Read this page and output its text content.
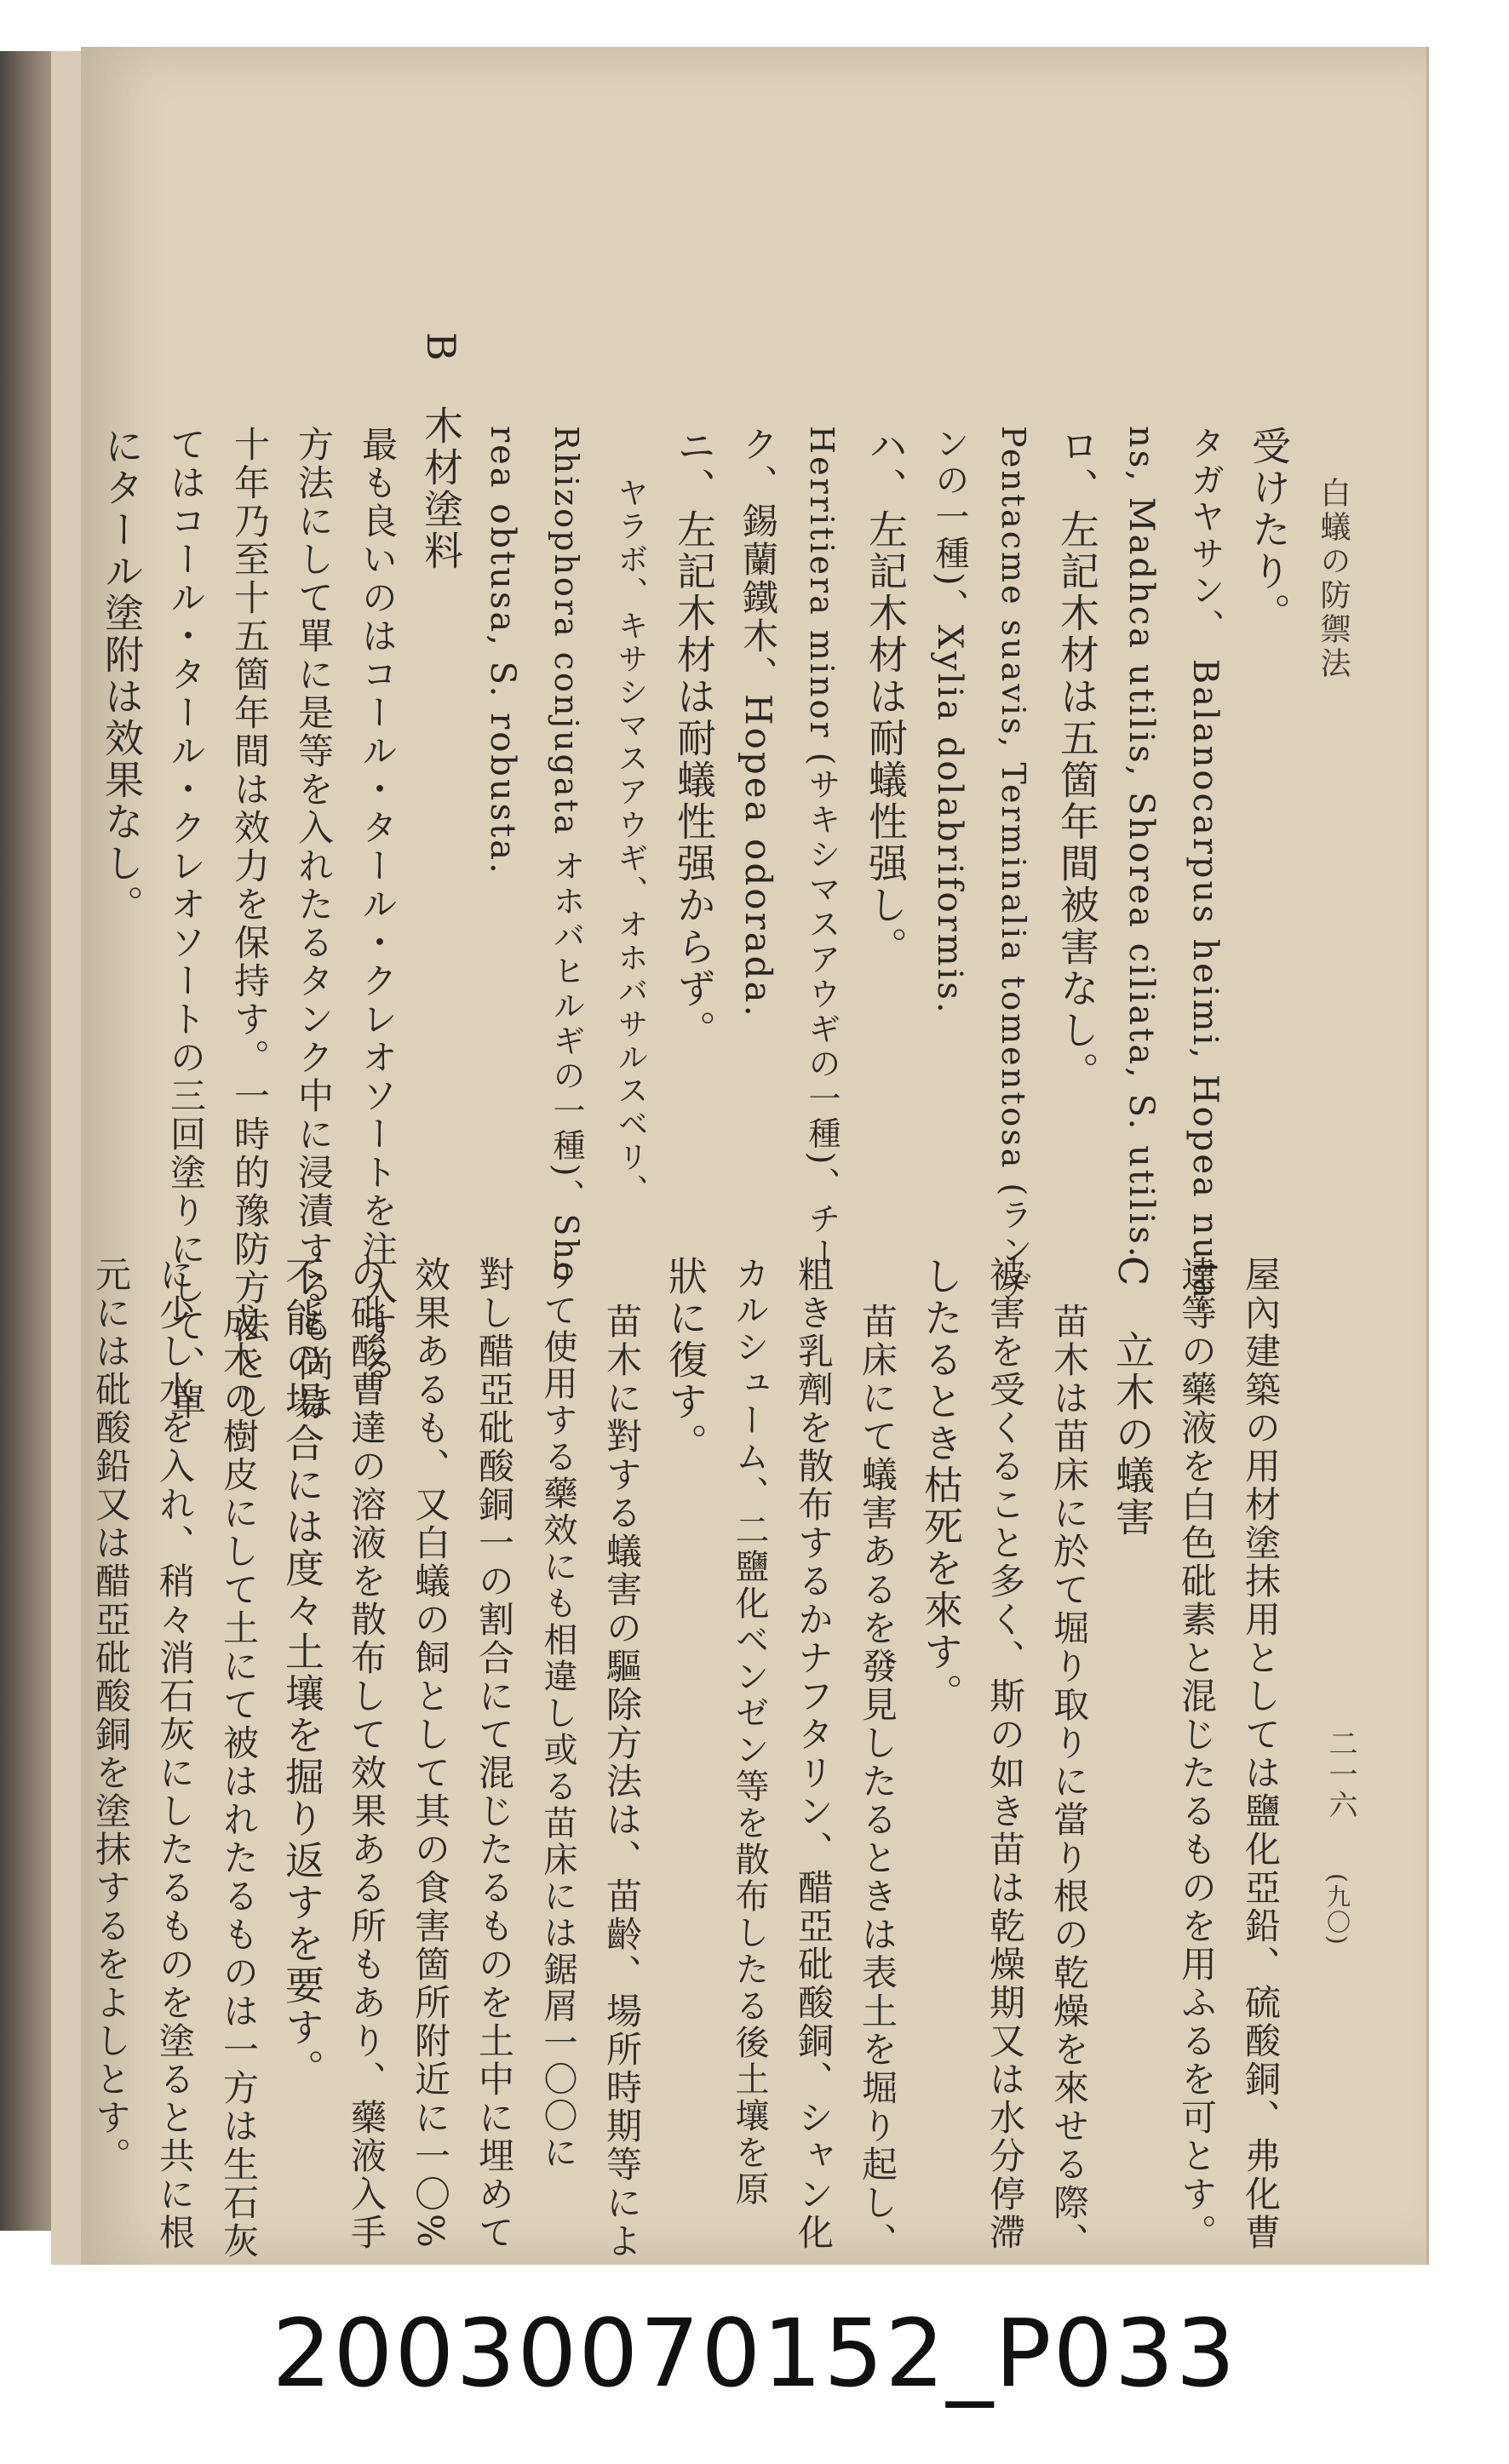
白蟻の防禦法
二一六
(九〇)
受けたり。
タガヤサン、 Balanocarpus heimi, Hopea nuta-
ns, Madhca utilis, Shorea ciliata, S. utilis.
ロ、左記木材は五箇年間被害なし。
Pentacme suavis, Terminalia tomentosa (ランヂ
ンの一種)、Xylia dolabriformis.
ハ、左記木材は耐蟻性强し。
Herritiera minor (サキシマスアウギの一種)、チー
ク、錫蘭鐵木、Hopea odorada.
ニ、左記木材は耐蟻性强からず。
ヤラボ、キサシマスアウギ、オホバサルスベリ、
Rhizophora conjugata オホバヒルギの一種)、Sho
rea obtusa, S. robusta.
B　木材塗料
最も良いのはコール・タール・クレオソートを注入する
方法にして單に是等を入れたるタンク中に浸漬するも尚ほ
十年乃至十五箇年間は效力を保持す。一時的豫防方法とし
てはコール・タール・クレオソートの三回塗りにして、單
にタール塗附は效果なし。
屋內建築の用材塗抹用としては鹽化亞鉛、硫酸銅、弗化曹
達等の藥液を白色砒素と混じたるものを用ふるを可とす。
C　立木の蟻害
苗木は苗床に於て堀り取りに當り根の乾燥を來せる際、
被害を受くること多く、斯の如き苗は乾燥期又は水分停滯
したるとき枯死を來す。
苗床にて蟻害あるを發見したるときは表土を堀り起し、
粗き乳劑を散布するかナフタリン、醋亞砒酸銅、シャン化
カルシューム、二鹽化ベンゼン等を散布したる後土壤を原
狀に復す。
苗木に對する蟻害の驅除方法は、苗齡、場所時期等によ
りて使用する藥效にも相違し或る苗床には鋸屑一〇〇に
對し醋亞砒酸銅一の割合にて混じたるものを土中に埋めて
效果あるも、又白蟻の飼として其の食害箇所附近に一〇%
の砒酸曹達の溶液を散布して效果ある所もあり、藥液入手
不能の場合には度々土壤を掘り返すを要す。
成木の樹皮にして土にて被はれたるものは一方は生石灰
に少し水を入れ、稍々消石灰にしたるものを塗ると共に根
元には砒酸鉛又は醋亞砒酸銅を塗抹するをよしとす。
20030070152_P033
